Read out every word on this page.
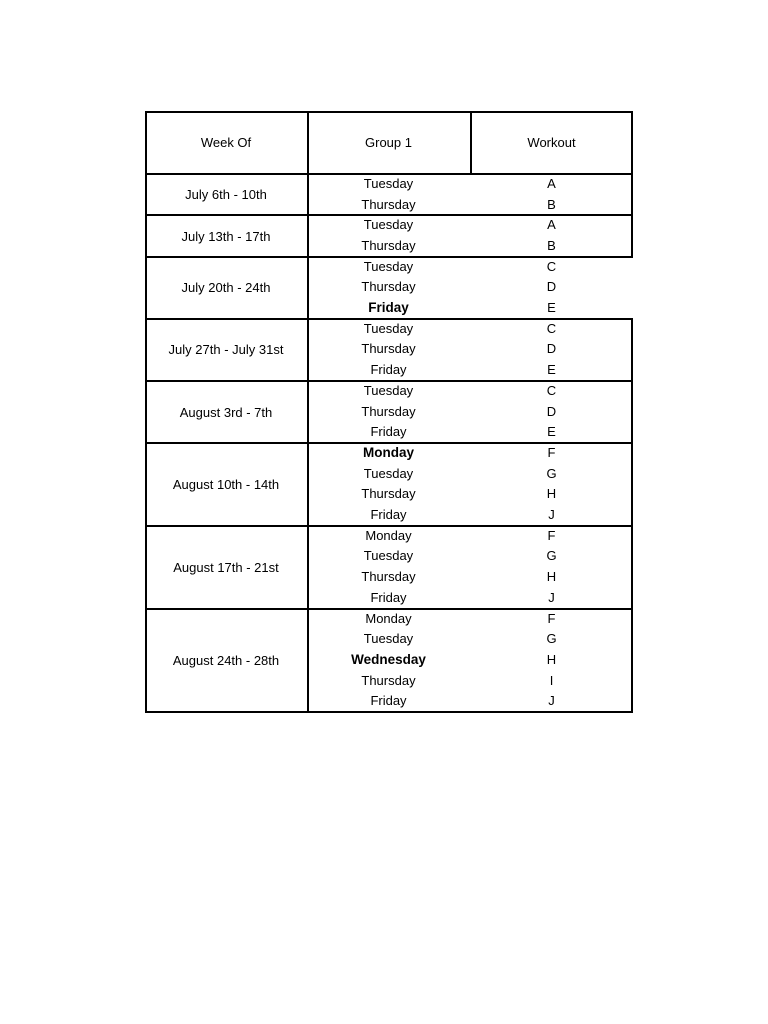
Week Of	Group 1	Workout
July 6th - 10th
Tuesday	A
Thursday	B
July 13th - 17th
Tuesday	A
Thursday	B
July 20th - 24th
Tuesday	C
Thursday	D
Friday	E
July 27th - July 31st
Tuesday	C
Thursday	D
Friday	E
August 3rd - 7th
Tuesday	C
Thursday	D
Friday	E
August 10th - 14th
Monday	F
Tuesday	G
Thursday	H
Friday	J
August 17th - 21st
Monday	F
Tuesday	G
Thursday	H
Friday	J
August 24th - 28th
Monday	F
Tuesday	G
Wednesday	H
Thursday	I
Friday	J
